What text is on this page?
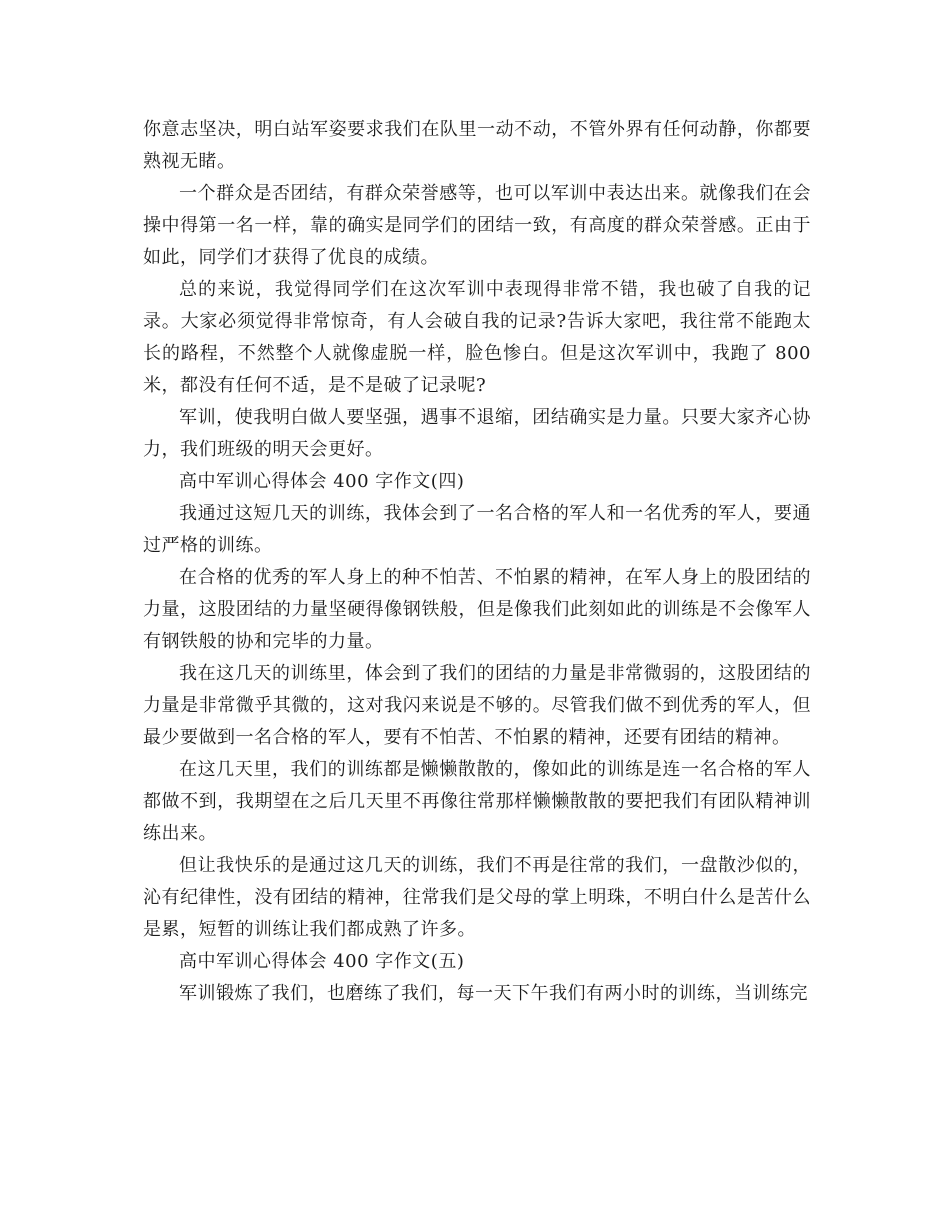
你意志坚决，明白站军姿要求我们在队里一动不动，不管外界有任何动静，你都要熟视无睹。

一个群众是否团结，有群众荣誉感等，也可以军训中表达出来。就像我们在会操中得第一名一样，靠的确实是同学们的团结一致，有高度的群众荣誉感。正由于如此，同学们才获得了优良的成绩。

总的来说，我觉得同学们在这次军训中表现得非常不错，我也破了自我的记录。大家必须觉得非常惊奇，有人会破自我的记录?告诉大家吧，我往常不能跑太长的路程，不然整个人就像虚脱一样，脸色惨白。但是这次军训中，我跑了 800 米，都没有任何不适，是不是破了记录呢?

军训，使我明白做人要坚强，遇事不退缩，团结确实是力量。只要大家齐心协力，我们班级的明天会更好。

高中军训心得体会 400 字作文(四)

我通过这短几天的训练，我体会到了一名合格的军人和一名优秀的军人，要通过严格的训练。

在合格的优秀的军人身上的种不怕苦、不怕累的精神，在军人身上的股团结的力量，这股团结的力量坚硬得像钢铁般，但是像我们此刻如此的训练是不会像军人有钢铁般的协和完毕的力量。

我在这几天的训练里，体会到了我们的团结的力量是非常微弱的，这股团结的力量是非常微乎其微的，这对我闪来说是不够的。尽管我们做不到优秀的军人，但最少要做到一名合格的军人，要有不怕苦、不怕累的精神，还要有团结的精神。

在这几天里，我们的训练都是懒懒散散的，像如此的训练是连一名合格的军人都做不到，我期望在之后几天里不再像往常那样懒懒散散的要把我们有团队精神训练出来。

但让我快乐的是通过这几天的训练，我们不再是往常的我们，一盘散沙似的，沁有纪律性，没有团结的精神，往常我们是父母的掌上明珠，不明白什么是苦什么是累，短暂的训练让我们都成熟了许多。

高中军训心得体会 400 字作文(五)

军训锻炼了我们，也磨练了我们，每一天下午我们有两小时的训练，当训练完
